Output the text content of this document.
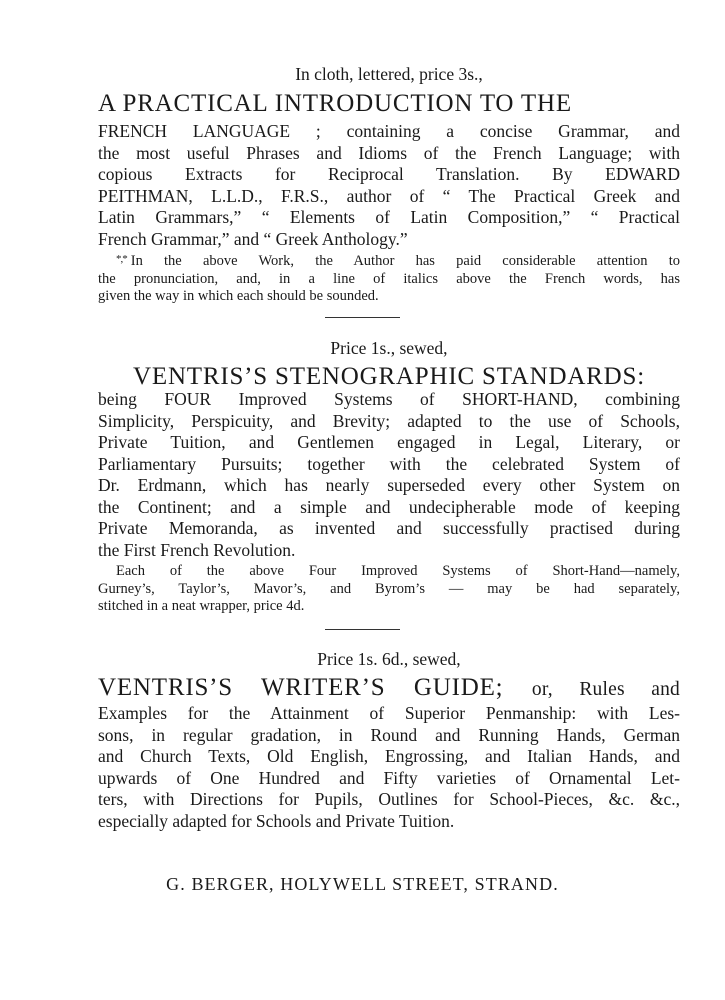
In cloth, lettered, price 3s.,
A PRACTICAL INTRODUCTION TO THE
FRENCH LANGUAGE ; containing a concise Grammar, and
the most useful Phrases and Idioms of the French Language; with
copious Extracts for Reciprocal Translation. By EDWARD
PEITHMAN, L.L.D., F.R.S., author of “ The Practical Greek and
Latin Grammars,” “ Elements of Latin Composition,” “ Practical
French Grammar,” and “ Greek Anthology.”
*,* In the above Work, the Author has paid considerable attention to
the pronunciation, and, in a line of italics above the French words, has
given the way in which each should be sounded.
Price 1s., sewed,
VENTRIS’S STENOGRAPHIC STANDARDS:
being FOUR Improved Systems of SHORT-HAND, combining
Simplicity, Perspicuity, and Brevity; adapted to the use of Schools,
Private Tuition, and Gentlemen engaged in Legal, Literary, or
Parliamentary Pursuits; together with the celebrated System of
Dr. Erdmann, which has nearly superseded every other System on
the Continent; and a simple and undecipherable mode of keeping
Private Memoranda, as invented and successfully practised during
the First French Revolution.
Each of the above Four Improved Systems of Short-Hand—namely,
Gurney’s, Taylor’s, Mavor’s, and Byrom’s — may be had separately,
stitched in a neat wrapper, price 4d.
Price 1s. 6d., sewed,
VENTRIS’S WRITER’S GUIDE; or, Rules and
Examples for the Attainment of Superior Penmanship: with Les-
sons, in regular gradation, in Round and Running Hands, German
and Church Texts, Old English, Engrossing, and Italian Hands, and
upwards of One Hundred and Fifty varieties of Ornamental Let-
ters, with Directions for Pupils, Outlines for School-Pieces, &c. &c.,
especially adapted for Schools and Private Tuition.
G. BERGER, HOLYWELL STREET, STRAND.
